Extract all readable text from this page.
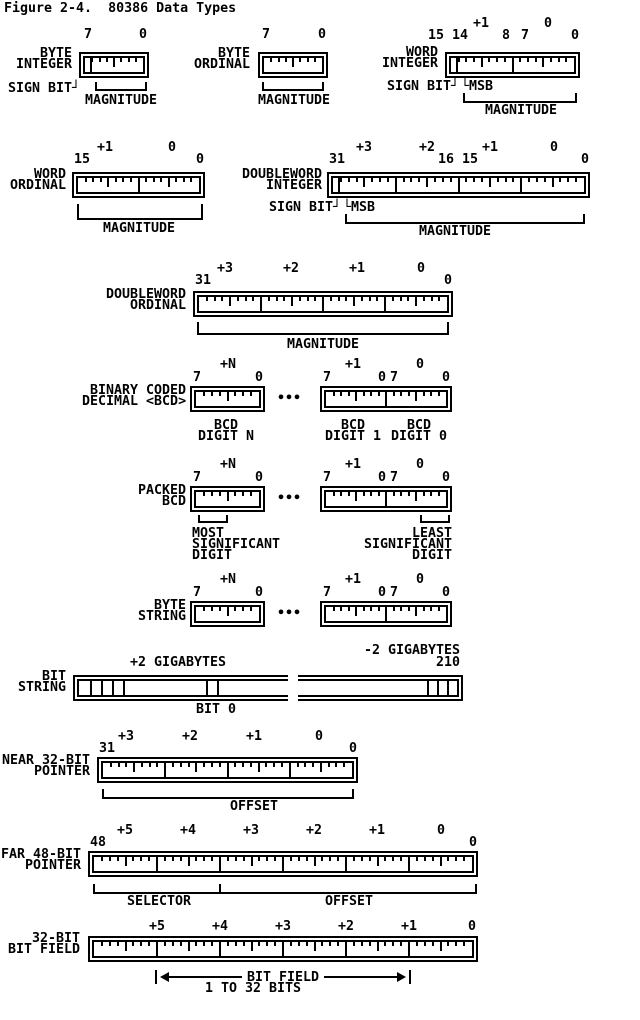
Figure 2-4.  80386 Data Types
7	0
BYTE
INTEGER
SIGN BIT┘
MAGNITUDE
7	0
BYTE
ORDINAL
MAGNITUDE
+1	0
15 14	8 7	0
WORD
INTEGER
SIGN BIT┘ └MSB
MAGNITUDE
+1	0
15	0
WORD
ORDINAL
MAGNITUDE
+3	+2	+1	0
31	16 15	0
DOUBLEWORD
INTEGER
SIGN BIT┘ └MSB
MAGNITUDE
+3	+2	+1	0
31	0
DOUBLEWORD
ORDINAL
MAGNITUDE
+N
7	0
BINARY CODED
DECIMAL <BCD>	•••
+1	0
7	0 7	0
BCD
DIGIT N
BCD
DIGIT 1
BCD
DIGIT 0
+N
7	0
PACKED
BCD	•••
+1	0
7	0 7	0
MOST
SIGNIFICANT
DIGIT
LEAST
SIGNIFICANT
DIGIT
+N
7	0
BYTE
STRING	•••
+1	0
7	0 7	0
-2 GIGABYTES
+2 GIGABYTES	210
BIT
STRING
BIT 0
+3	+2	+1	0
31	0
NEAR 32-BIT
POINTER
OFFSET
+5	+4	+3	+2	+1	0
48	0
FAR 48-BIT
POINTER
SELECTOR	OFFSET
+5	+4	+3	+2	+1	0
32-BIT
BIT FIELD
BIT FIELD
1 TO 32 BITS
